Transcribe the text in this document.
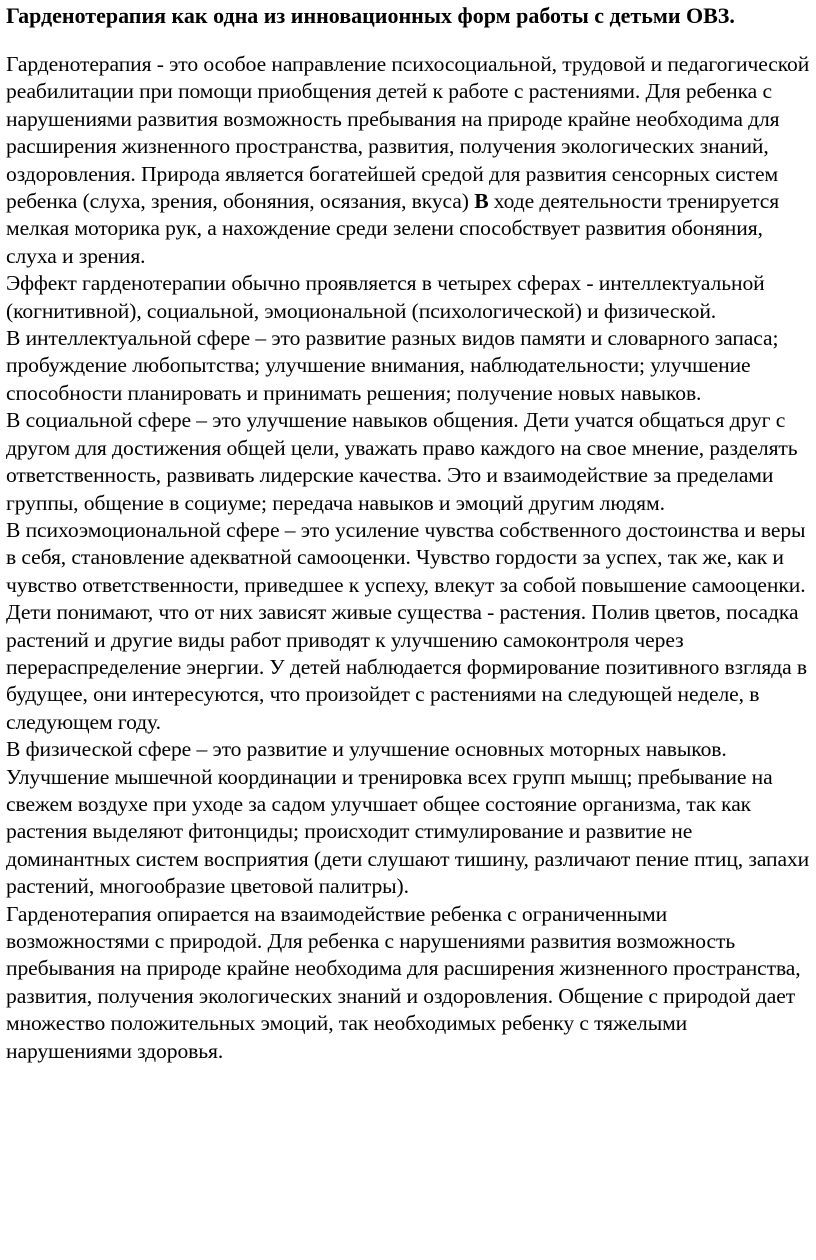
Гарденотерапия как одна из инновационных форм работы с детьми ОВЗ.

Гарденотерапия - это особое направление психосоциальной, трудовой и педагогической реабилитации при помощи приобщения детей к работе с растениями. Для ребенка с нарушениями развития возможность пребывания на природе крайне необходима для расширения жизненного пространства, развития, получения экологических знаний, оздоровления. Природа является богатейшей средой для развития сенсорных систем ребенка (слуха, зрения, обоняния, осязания, вкуса) В ходе деятельности тренируется мелкая моторика рук, а нахождение среди зелени способствует развития обоняния, слуха и зрения.

Эффект гарденотерапии обычно проявляется в четырех сферах - интеллектуальной (когнитивной), социальной, эмоциональной (психологической) и физической.

В интеллектуальной сфере – это развитие разных видов памяти и словарного запаса; пробуждение любопытства; улучшение внимания, наблюдательности; улучшение способности планировать и принимать решения; получение новых навыков.

В социальной сфере – это улучшение навыков общения. Дети учатся общаться друг с другом для достижения общей цели, уважать право каждого на свое мнение, разделять ответственность, развивать лидерские качества. Это и взаимодействие за пределами группы, общение в социуме; передача навыков и эмоций другим людям.

В психоэмоциональной сфере – это усиление чувства собственного достоинства и веры в себя, становление адекватной самооценки. Чувство гордости за успех, так же, как и чувство ответственности, приведшее к успеху, влекут за собой повышение самооценки. Дети понимают, что от них зависят живые существа - растения. Полив цветов, посадка растений и другие виды работ приводят к улучшению самоконтроля через перераспределение энергии. У детей наблюдается формирование позитивного взгляда в будущее, они интересуются, что произойдет с растениями на следующей неделе, в следующем году.

В физической сфере – это развитие и улучшение основных моторных навыков. Улучшение мышечной координации и тренировка всех групп мышц; пребывание на свежем воздухе при уходе за садом улучшает общее состояние организма, так как растения выделяют фитонциды; происходит стимулирование и развитие не доминантных систем восприятия (дети слушают тишину, различают пение птиц, запахи растений, многообразие цветовой палитры).

Гарденотерапия опирается на взаимодействие ребенка с ограниченными возможностями с природой. Для ребенка с нарушениями развития возможность пребывания на природе крайне необходима для расширения жизненного пространства, развития, получения экологических знаний и оздоровления. Общение с природой дает множество положительных эмоций, так необходимых ребенку с тяжелыми нарушениями здоровья.
